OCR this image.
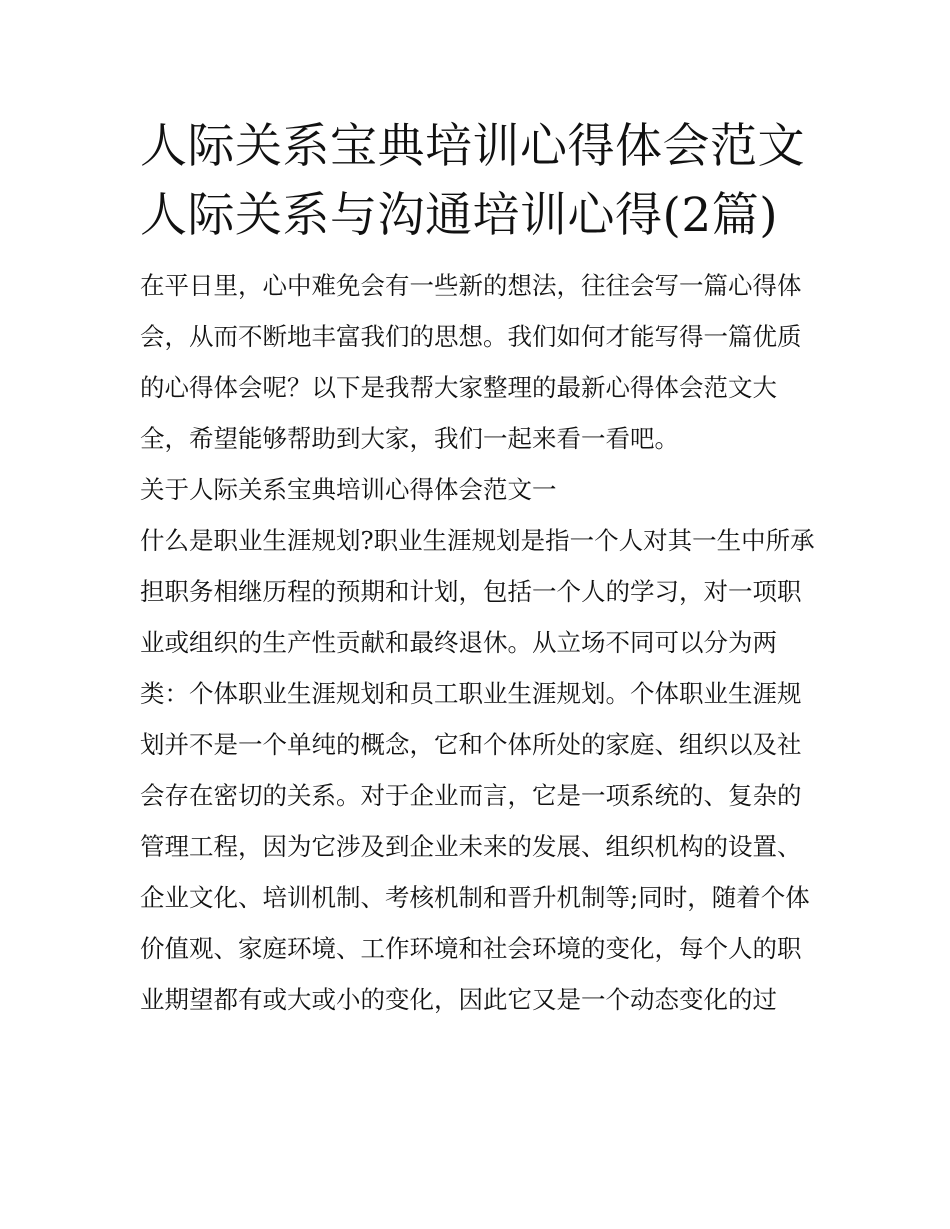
人际关系宝典培训心得体会范文 人际关系与沟通培训心得(2篇)

在平日里，心中难免会有一些新的想法，往往会写一篇心得体会，从而不断地丰富我们的思想。我们如何才能写得一篇优质的心得体会呢？以下是我帮大家整理的最新心得体会范文大全，希望能够帮助到大家，我们一起来看一看吧。

关于人际关系宝典培训心得体会范文一

什么是职业生涯规划?职业生涯规划是指一个人对其一生中所承担职务相继历程的预期和计划，包括一个人的学习，对一项职业或组织的生产性贡献和最终退休。从立场不同可以分为两类：个体职业生涯规划和员工职业生涯规划。个体职业生涯规划并不是一个单纯的概念，它和个体所处的家庭、组织以及社会存在密切的关系。对于企业而言，它是一项系统的、复杂的管理工程，因为它涉及到企业未来的发展、组织机构的设置、企业文化、培训机制、考核机制和晋升机制等;同时，随着个体价值观、家庭环境、工作环境和社会环境的变化，每个人的职业期望都有或大或小的变化，因此它又是一个动态变化的过
